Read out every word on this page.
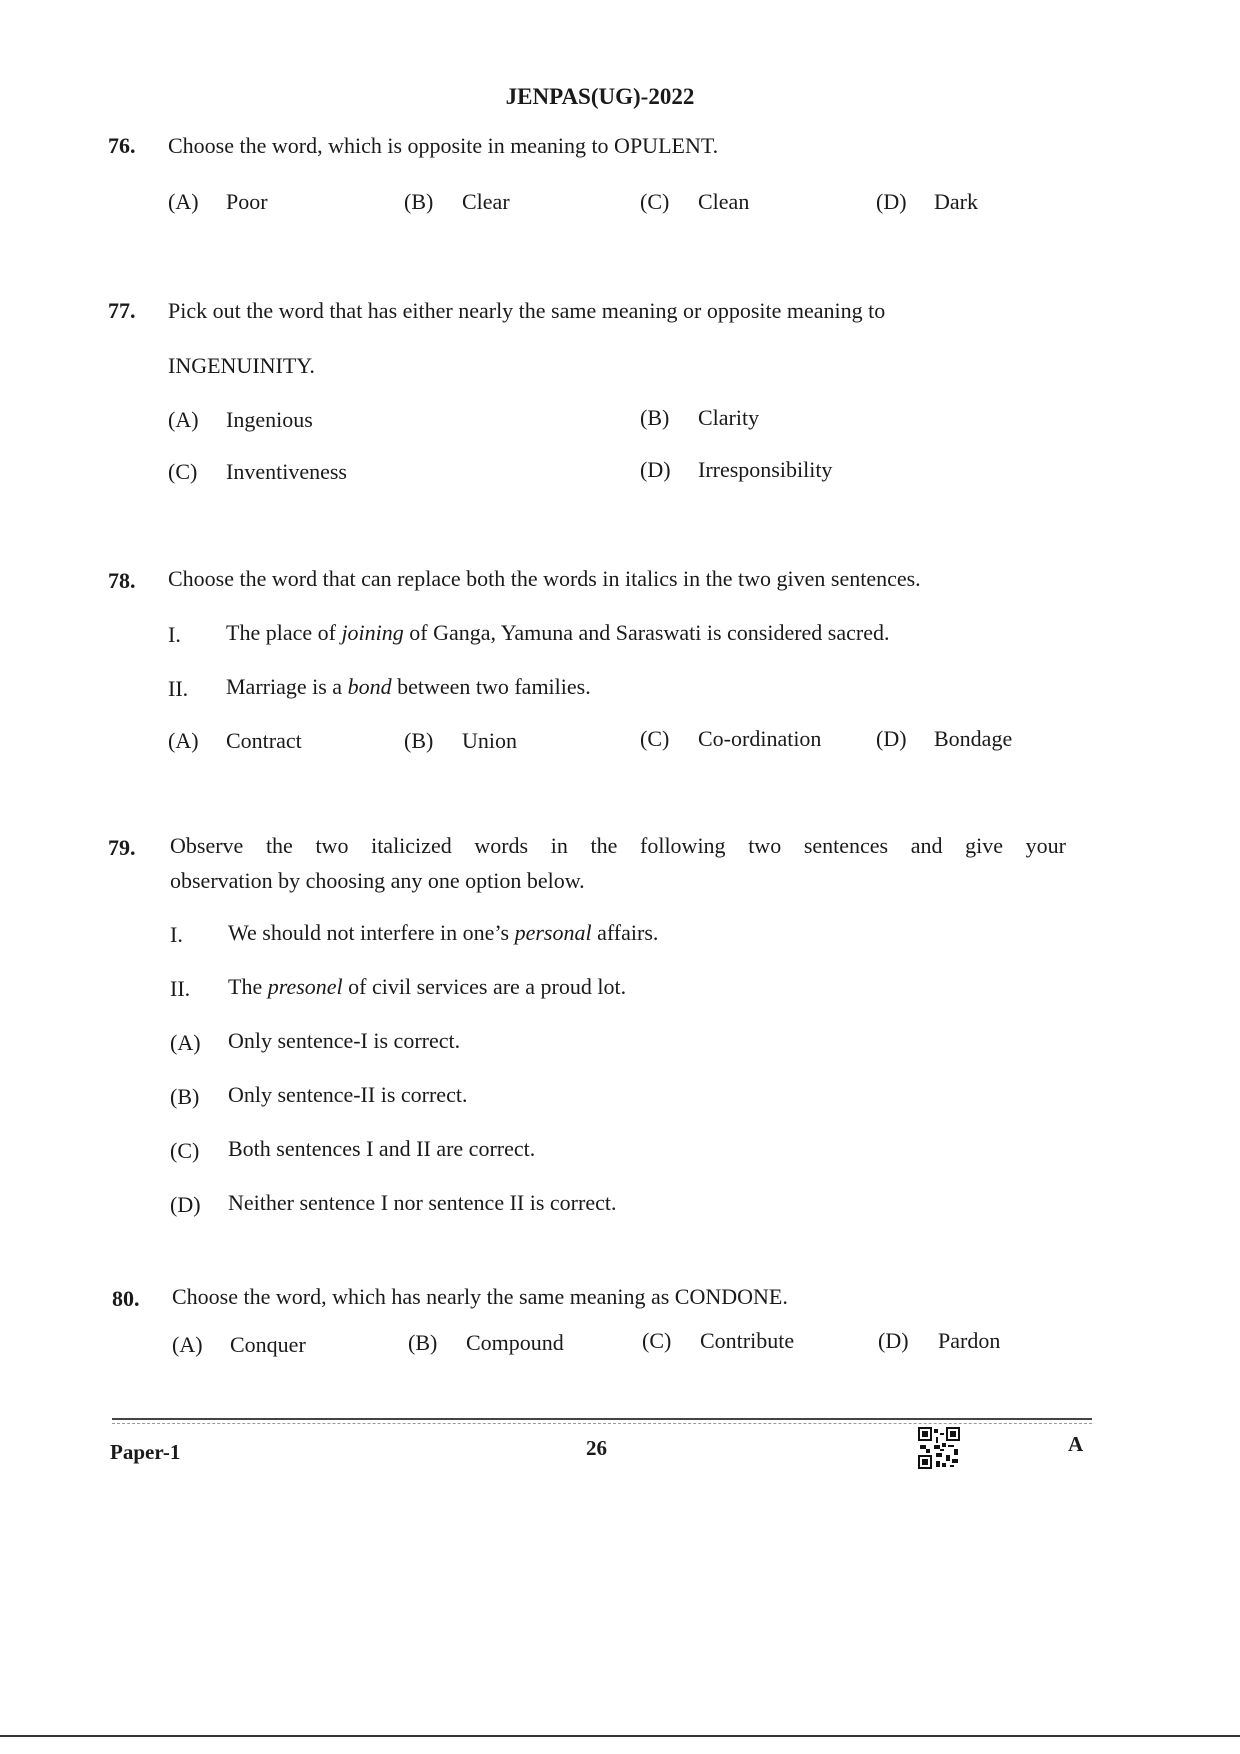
JENPAS(UG)-2022
76. Choose the word, which is opposite in meaning to OPULENT.
(A) Poor	(B) Clear	(C) Clean	(D) Dark
77. Pick out the word that has either nearly the same meaning or opposite meaning to
INGENUINITY.
(A) Ingenious	(B) Clarity
(C) Inventiveness	(D) Irresponsibility
78. Choose the word that can replace both the words in italics in the two given sentences.
I. The place of joining of Ganga, Yamuna and Saraswati is considered sacred.
II. Marriage is a bond between two families.
(A) Contract	(B) Union	(C) Co-ordination (D) Bondage
79. Observe the two italicized words in the following two sentences and give your
observation by choosing any one option below.
I. We should not interfere in one’s personal affairs.
II. The presonel of civil services are a proud lot.
(A) Only sentence-I is correct.
(B) Only sentence-II is correct.
(C) Both sentences I and II are correct.
(D) Neither sentence I nor sentence II is correct.
80. Choose the word, which has nearly the same meaning as CONDONE.
(A) Conquer	(B) Compound	(C) Contribute	(D) Pardon
Paper-1	26	A
